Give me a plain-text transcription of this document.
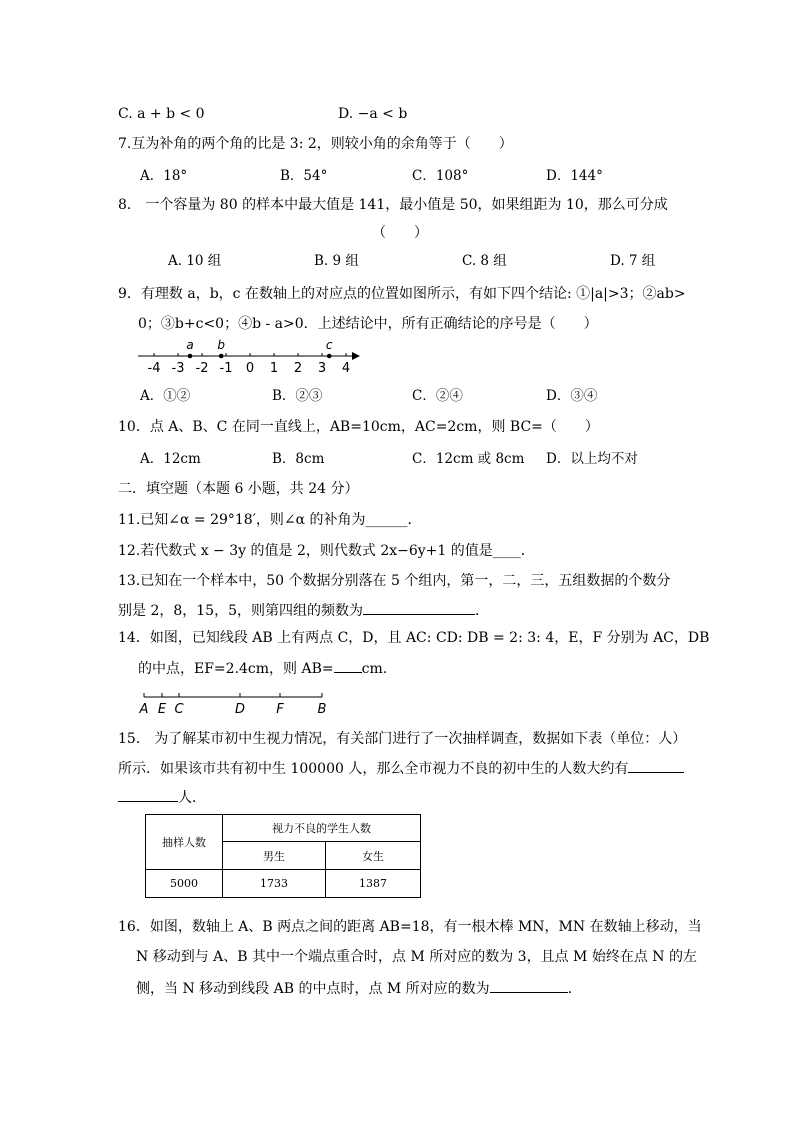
C. a + b < 0	D. −a < b
7.互为补角的两个角的比是 3: 2，则较小角的余角等于（　　）
A．18°	B．54°	C．108°	D．144°
8． 一个容量为 80 的样本中最大值是 141，最小值是 50，如果组距为 10，那么可分成
（　　）
A. 10 组	B. 9 组	C. 8 组	D. 7 组
9．有理数 a，b，c 在数轴上的对应点的位置如图所示，有如下四个结论: ①|a|>3；②ab>
0；③b+c<0；④b - a>0．上述结论中，所有正确结论的序号是（　　）
-4 -3 -2 -1 0 1 2 3 4
a b	c
A．①②	B．②③	C．②④	D．③④
10．点 A、B、C 在同一直线上，AB=10cm，AC=2cm，则 BC=（　　）
A．12cm	B．8cm	C．12cm 或 8cm D．以上均不对
二．填空题（本题 6 小题，共 24 分）
11.已知∠α = 29°18′，则∠α 的补角为______．
12.若代数式 x − 3y 的值是 2，则代数式 2x−6y+1 的值是____．
13.已知在一个样本中，50 个数据分别落在 5 个组内，第一，二，三，五组数据的个数分
别是 2，8，15，5，则第四组的频数为	．
14．如图，已知线段 AB 上有两点 C，D，且 AC: CD: DB = 2: 3: 4，E，F 分别为 AC，DB
的中点，EF=2.4cm，则 AB= cm.
A E C	D F	B
15． 为了解某市初中生视力情况，有关部门进行了一次抽样调查，数据如下表（单位：人）
所示．如果该市共有初中生 100000 人，那么全市视力不良的初中生的人数大约有
人．
抽样人数	视力不良的学生人数	
	男生	女生
5000	1733	1387
16．如图，数轴上 A、B 两点之间的距离 AB=18，有一根木棒 MN，MN 在数轴上移动，当
N 移动到与 A、B 其中一个端点重合时，点 M 所对应的数为 3，且点 M 始终在点 N 的左
侧，当 N 移动到线段 AB 的中点时，点 M 所对应的数为	．
